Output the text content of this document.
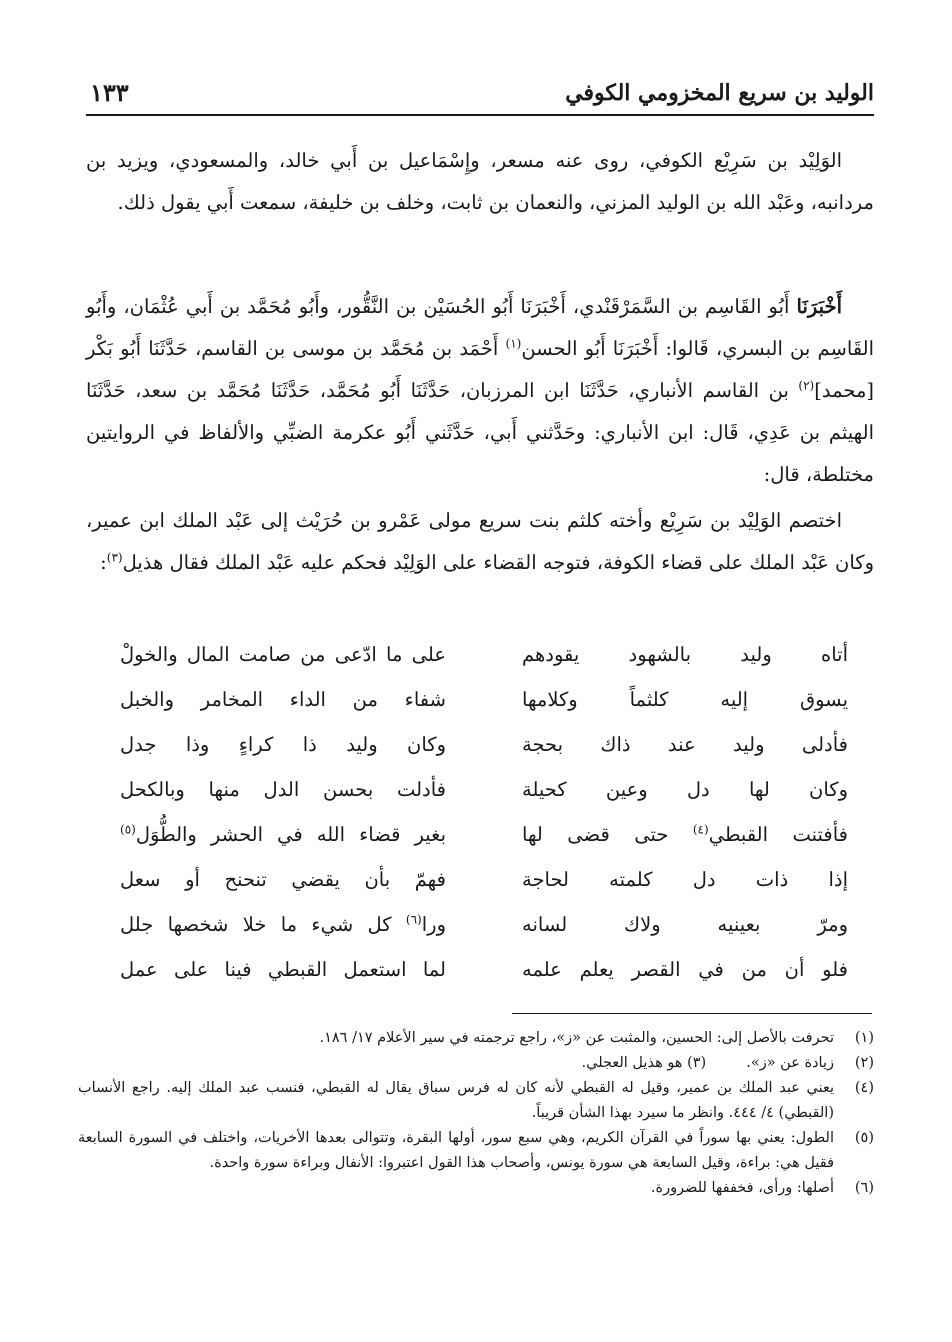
الوليد بن سريع المخزومي الكوفي
١٣٣

الوَلِيْد بن سَرِيْع الكوفي، روى عنه مسعر، وإِسْمَاعيل بن أَبي خالد، والمسعودي، ويزيد بن مردانبه، وعَبْد الله بن الوليد المزني، والنعمان بن ثابت، وخلف بن خليفة، سمعت أَبي يقول ذلك.

أَخْبَرَنَا أَبُو القَاسِم بن السَّمَرْقَنْدي، أَخْبَرَنَا أَبُو الحُسَيْن بن النَّقُّور، وأَبُو مُحَمَّد بن أَبي عُثْمَان، وأَبُو القَاسِم بن البسري، قَالوا: أَخْبَرَنَا أَبُو الحسن$^{(١)}$ أَحْمَد بن مُحَمَّد بن موسى بن القاسم، حَدَّثَنَا أَبُو بَكْر [محمد]$^{(٢)}$ بن القاسم الأنباري، حَدَّثَنَا ابن المرزبان، حَدَّثَنَا أَبُو مُحَمَّد، حَدَّثَنَا مُحَمَّد بن سعد، حَدَّثَنَا الهيثم بن عَدِي، قَال: ابن الأنباري: وحَدَّثني أَبي، حَدَّثَني أَبُو عكرمة الضبِّي والألفاظ في الروايتين مختلطة، قال:

اختصم الوَلِيْد بن سَرِيْع وأخته كلثم بنت سريع مولى عَمْرو بن حُرَيْث إلى عَبْد الملك ابن عمير، وكان عَبْد الملك على قضاء الكوفة، فتوجه القضاء على الوَلِيْد فحكم عليه عَبْد الملك فقال هذيل$^{(٣)}$:

أتاه وليد بالشهود يقودهم
على ما ادّعى من صامت المال والخولْ
يسوق إليه كلثماً وكلامها
شفاء من الداء المخامر والخبل
فأدلى وليد عند ذاك بحجة
وكان وليد ذا كراءٍ وذا جدل
وكان لها دل وعين كحيلة
فأدلت بحسن الدل منها وبالكحل
فأفتنت القبطي$^{(٤)}$ حتى قضى لها
بغير قضاء الله في الحشر والطُّوَل$^{(٥)}$
إذا ذات دل كلمته لحاجة
فهمّ بأن يقضي تنحنح أو سعل
ومرّ بعينيه ولاك لسانه
ورا$^{(٦)}$ كل شيء ما خلا شخصها جلل
فلو أن من في القصر يعلم علمه
لما استعمل القبطي فينا على عمل
(١)
تحرفت بالأصل إلى: الحسين، والمثبت عن «ز»، راجع ترجمته في سير الأعلام ١٧/ ١٨٦.
(٢)
زيادة عن «ز».(٣) هو هذيل العجلي.
(٤)
يعني عبد الملك بن عمير، وقيل له القبطي لأنه كان له فرس سباق يقال له القبطي، فنسب عبد الملك إليه. راجع الأنساب (القبطي) ٤/ ٤٤٤. وانظر ما سيرد بهذا الشأن قريباً.
(٥)
الطول: يعني بها سوراً في القرآن الكريم، وهي سبع سور، أولها البقرة، وتتوالى بعدها الأخريات، واختلف في السورة السابعة فقيل هي: براءة، وقيل السابعة هي سورة يونس، وأصحاب هذا القول اعتبروا: الأنفال وبراءة سورة واحدة.
(٦)
أصلها: ورأى، فخففها للضرورة.
